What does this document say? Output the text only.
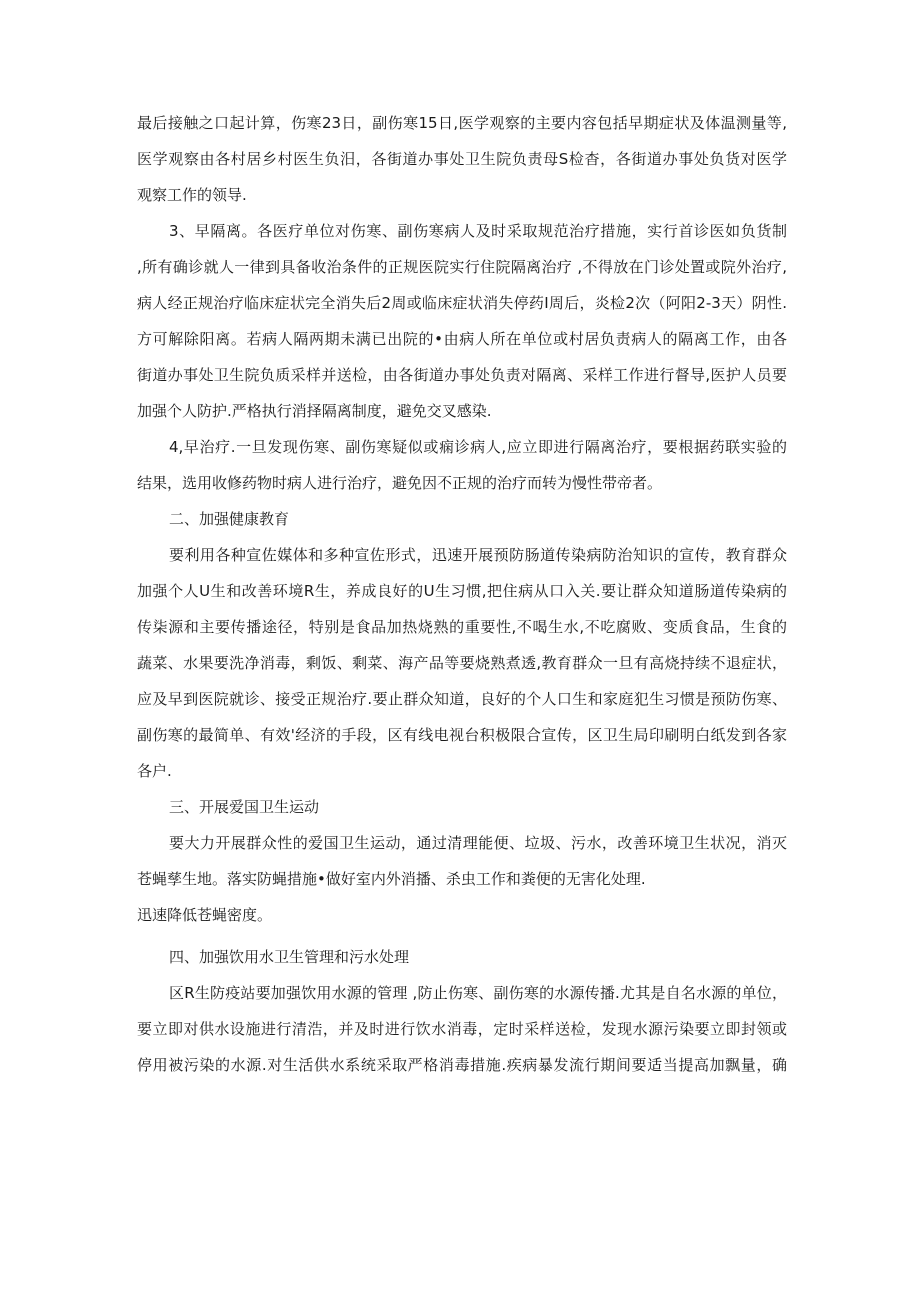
最后接触之口起计算，伤寒23日，副伤寒15日,医学观察的主要内容包括早期症状及体温测量等,
医学观察由各村居乡村医生负汨，各街道办事处卫生院负责母S检杳，各街道办事处负货对医学
观察工作的领导.
3、早隔离。各医疗单位对伤寒、副伤寒病人及时采取规范治疗措施，实行首诊医如负货制
,所有确诊就人一律到具备收治条件的正规医院实行住院隔离治疗 ,不得放在门诊处置或院外治疗,
病人经正规治疗临床症状完全消失后2周或临床症状消失停药I周后，炎检2次（阿阳2-3天）阴性.
方可解除阳离。若病人隔两期未满已出院的•由病人所在单位或村居负责病人的隔离工作，由各
街道办事处卫生院负质采样并送检，由各街道办事处负责对隔离、采样工作进行督导,医护人员要
加强个人防护.严格执行消择隔离制度，避免交叉感染.
4,早治疗.一旦发现伤寒、副伤寒疑似或痫诊病人,应立即进行隔离治疗，要根据药联实验的
结果，选用收修药物时病人进行治疗，避免因不正规的治疗而转为慢性带帝者。
二、加强健康教育
要利用各种宣佐媒体和多种宣佐形式，迅速开展预防肠道传染病防治知识的宣传，教育群众
加强个人U生和改善环境R生，养成良好的U生习惯,把住病从口入关.要让群众知道肠道传染病的
传柒源和主要传播途径，特别是食品加热烧熟的重要性,不喝生水,不吃腐败、变质食品，生食的
蔬菜、水果要洗净消毒，剩饭、剩菜、海产品等要烧熟煮透,教育群众一旦有高烧持续不退症状，
应及早到医院就诊、接受正规治疗.要止群众知道，良好的个人口生和家庭犯生习惯是预防伤寒、
副伤寒的最简单、有效'经济的手段，区有线电视台积极限合宣传，区卫生局印刷明白纸发到各家
各户.
三、开展爱国卫生运动
要大力开展群众性的爱国卫生运动，通过清理能便、垃圾、污水，改善环境卫生状况，消灭
苍蝇孳生地。落实防蝇措施•做好室内外消播、杀虫工作和粪便的无害化处理.
迅速降低苍蝇密度。
四、加强饮用水卫生管理和污水处理
区R生防疫站要加强饮用水源的管理 ,防止伤寒、副伤寒的水源传播.尤其是自名水源的单位，
要立即对供水设施进行清浩，并及时进行饮水消毒，定时采样送检，发现水源污染要立即封领或
停用被污染的水源.对生活供水系统采取严格消毒措施.疾病暴发流行期间要适当提高加飘量，确
